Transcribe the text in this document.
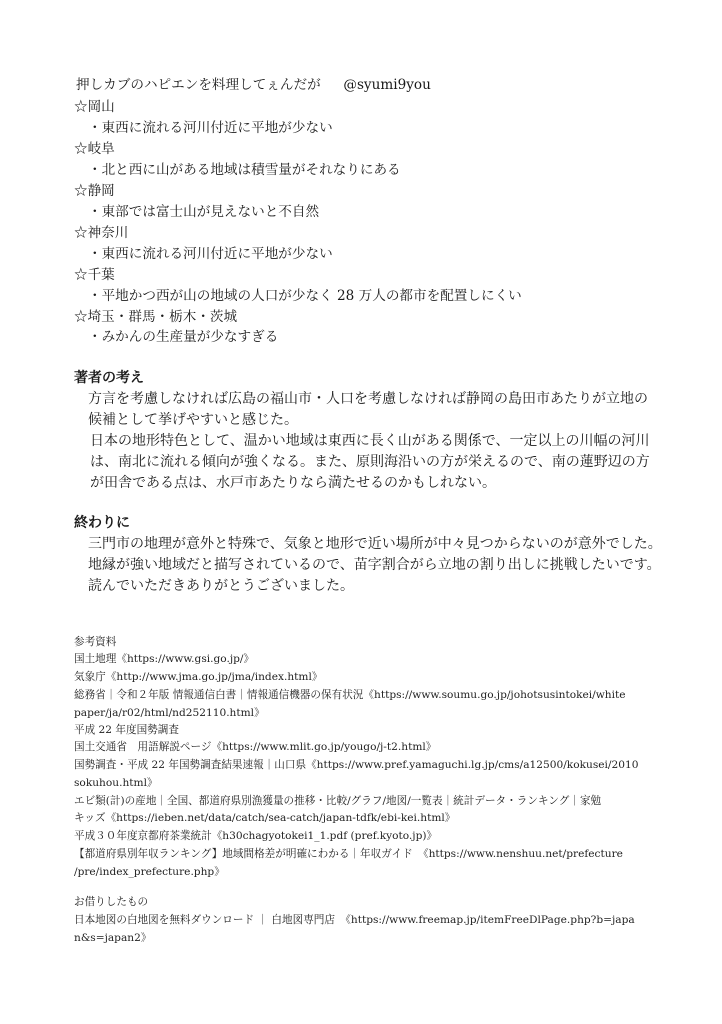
押しカブのハピエンを料理してぇんだが @syumi9you
☆岡山
・東西に流れる河川付近に平地が少ない
☆岐阜
・北と西に山がある地域は積雪量がそれなりにある
☆静岡
・東部では富士山が見えないと不自然
☆神奈川
・東西に流れる河川付近に平地が少ない
☆千葉
・平地かつ西が山の地域の人口が少なく 28 万人の都市を配置しにくい
☆埼玉・群馬・栃木・茨城
・みかんの生産量が少なすぎる
著者の考え
方言を考慮しなければ広島の福山市・人口を考慮しなければ静岡の島田市あたりが立地の
候補として挙げやすいと感じた。
日本の地形特色として、温かい地域は東西に長く山がある関係で、一定以上の川幅の河川
は、南北に流れる傾向が強くなる。また、原則海沿いの方が栄えるので、南の蓮野辺の方
が田舎である点は、水戸市あたりなら満たせるのかもしれない。
終わりに
三門市の地理が意外と特殊で、気象と地形で近い場所が中々見つからないのが意外でした。
地縁が強い地域だと描写されているので、苗字割合がら立地の割り出しに挑戦したいです。
読んでいただきありがとうございました。
参考資料
国土地理《https://www.gsi.go.jp/》
気象庁《http://www.jma.go.jp/jma/index.html》
総務省｜令和２年版 情報通信白書｜情報通信機器の保有状況《https://www.soumu.go.jp/johotsusintokei/white
paper/ja/r02/html/nd252110.html》
平成 22 年度国勢調査
国土交通省　用語解説ページ《https://www.mlit.go.jp/yougo/j-t2.html》
国勢調査・平成 22 年国勢調査結果速報｜山口県《https://www.pref.yamaguchi.lg.jp/cms/a12500/kokusei/2010
sokuhou.html》
エビ類(計)の産地｜全国、都道府県別漁獲量の推移・比較/グラフ/地図/一覧表｜統計データ・ランキング｜家勉
キッズ《https://ieben.net/data/catch/sea-catch/japan-tdfk/ebi-kei.html》
平成３０年度京都府茶業統計《h30chagyotokei1_1.pdf (pref.kyoto.jp)》
【都道府県別年収ランキング】地域間格差が明確にわかる｜年収ガイド　《https://www.nenshuu.net/prefecture
/pre/index_prefecture.php》
お借りしたもの
日本地図の白地図を無料ダウンロード ｜ 白地図専門店　《https://www.freemap.jp/itemFreeDlPage.php?b=japa
n&s=japan2》
